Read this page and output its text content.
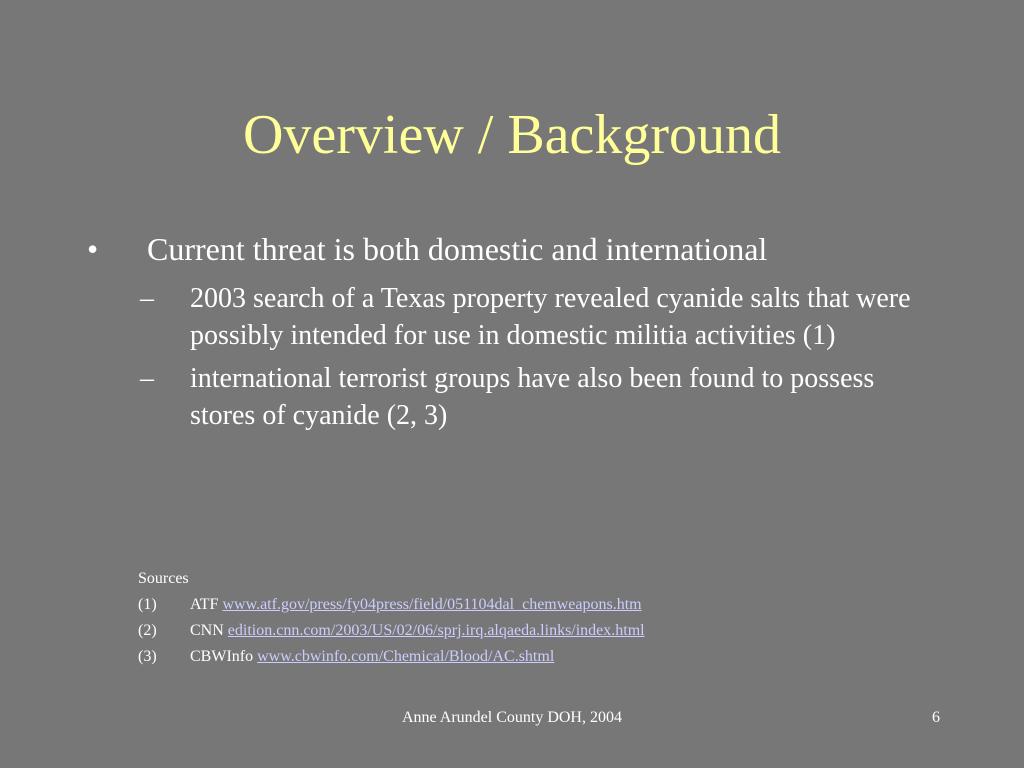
Overview / Background
• Current threat is both domestic and international
– 2003 search of a Texas property revealed cyanide salts that were possibly intended for use in domestic militia activities (1)
– international terrorist groups have also been found to possess stores of cyanide (2, 3)
Sources
(1) ATF www.atf.gov/press/fy04press/field/051104dal_chemweapons.htm
(2) CNN edition.cnn.com/2003/US/02/06/sprj.irq.alqaeda.links/index.html
(3) CBWInfo www.cbwinfo.com/Chemical/Blood/AC.shtml
Anne Arundel County DOH, 2004	6
